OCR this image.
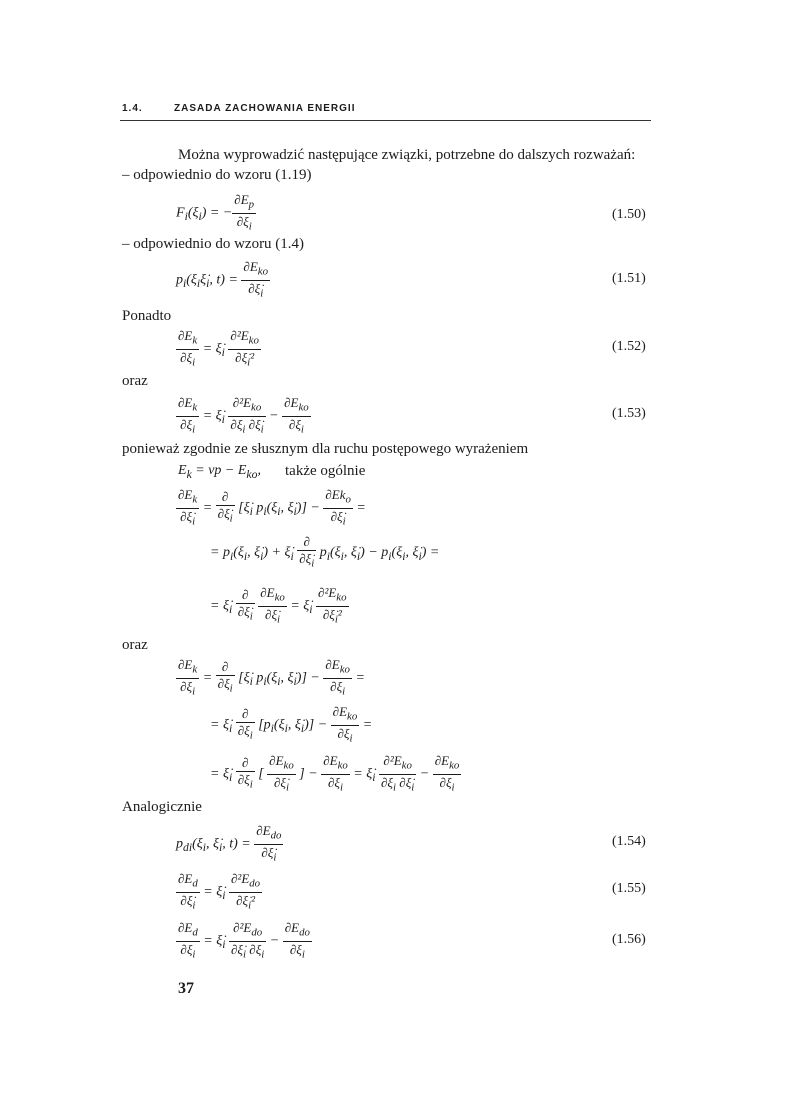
1.4.	ZASADA ZACHOWANIA ENERGII
Można wyprowadzić następujące związki, potrzebne do dalszych rozważań:
– odpowiednio do wzoru (1.19)
$F_i(\xi_i)$ = − $\frac{\partial E_p}{\partial\xi_i}$	(1.50)
– odpowiednio do wzoru (1.4)
$p_i(\xi_i\xi̇_i$, $t) = \frac{\partial E_{ko}}{\partial\xi̇_i}$	(1.51)
Ponadto
$\frac{\partial E_k}{\partial\xi_i}$ = $\xi̇_i \frac{\partial^2E_{ko}}{\partial\xi̇_i^2}$	(1.52)
oraz
$\frac{\partial E_k}{\partial\xi_i}$ = $\xi̇_i \frac{\partial^2E_{ko}}{\partial\xi_i \partial\xi̇_i} - \frac{\partial E_{ko}}{\partial\xi_i}$	(1.53)
ponieważ zgodnie ze słusznym dla ruchu postępowego wyrażeniem
$E_k$ = vp − $E_{ko}$, także ogólnie
$\frac{\partial E_k}{\partial\xi̇_i} = \frac{\partial}{\partial\xi̇_i}$ [$\xi̇_i$ $p_i(\xi_i$, $\xi̇_i)] - \frac{\partial Ek_o}{\partial\xi̇_i}$ =
= $p_i(\xi_i$, $\xi̇_i$) + $\xi̇_i \frac{\partial}{\partial\xi̇_i} p_i(\xi_i$, $\xi̇_i) - p_i(\xi_i$, $\xi̇_i$) =
= $\xi̇_i \frac{\partial}{\partial\xi̇_i}$
$\frac{\partial E_{ko}}{\partial\xi̇_i}$ = $\xi̇_i \frac{\partial^2E_{ko}}{\partial\xi̇_i^2}$
oraz
$\frac{\partial E_k}{\partial\xi_i} = \frac{\partial}{\partial\xi_i}$ [$\xi̇_i$ $p_i(\xi_i$, $\xi̇_i)] - \frac{\partial E_{ko}}{\partial\xi_i}$ =
= $\xi̇_i \frac{\partial}{\partial\xi_i} [p_i(\xi_i$, $\xi̇_i)] - \frac{\partial E_{ko}}{\partial\xi_i}$ =
= $\xi̇_i \frac{\partial}{\partial\xi_i}$ [ $\frac{\partial E_{ko}}{\partial\xi̇_i}$ ] − $\frac{\partial E_{ko}}{\partial\xi_i}$ = $\xi̇_i \frac{\partial^2E_{ko}}{\partial\xi_i \partial\xi̇_i} - \frac{\partial E_{ko}}{\partial\xi_i}$
Analogicznie
$p_{di}(\xi_i$, $\xi̇_i$, $t) = \frac{\partial E_{do}}{\partial\xi̇_i}$	(1.54)
$\frac{\partial E_d}{\partial\xi̇_i}$ = $\xi̇_i \frac{\partial^2E_{do}}{\partial\xi̇_i^2}$	(1.55)
$\frac{\partial E_d}{\partial\xi_i}$ = $\xi̇_i \frac{\partial^2E_{do}}{\partial\xi̇_i \partial\xi_i} - \frac{\partial E_{do}}{\partial\xi_i}$	(1.56)
37
